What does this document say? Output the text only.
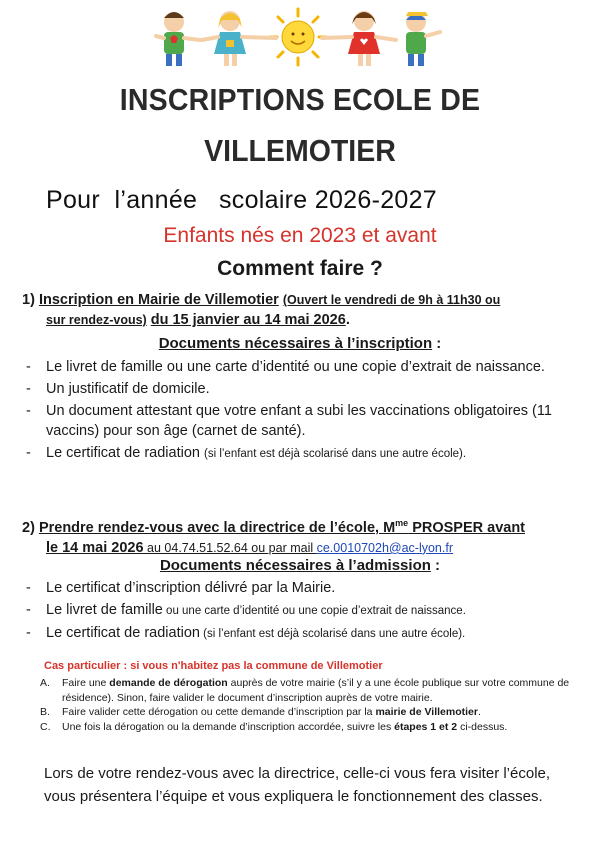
INSCRIPTIONS ECOLE DE
VILLEMOTIER
Pour  l’année   scolaire 2026-2027
Enfants nés en 2023 et avant
Comment faire ?
1) Inscription en Mairie de Villemotier (Ouvert le vendredi de 9h à 11h30 ou
sur rendez-vous) du 15 janvier au 14 mai 2026.
Documents nécessaires à l’inscription :
- Le livret de famille ou une carte d’identité ou une copie d’extrait de naissance.
- Un justificatif de domicile.
- Un document attestant que votre enfant a subi les vaccinations obligatoires (11 vaccins) pour son âge (carnet de santé).
- Le certificat de radiation (si l’enfant est déjà scolarisé dans une autre école).
2) Prendre rendez-vous avec la directrice de l’école, $M^{me}$ PROSPER avant
le 14 mai 2026 au 04.74.51.52.64 ou par mail ce.0010702h@ac-lyon.fr
Documents nécessaires à l’admission :
- Le certificat d’inscription délivré par la Mairie.
- Le livret de famille ou une carte d’identité ou une copie d’extrait de naissance.
- Le certificat de radiation (si l’enfant est déjà scolarisé dans une autre école).
Cas particulier : si vous n'habitez pas la commune de Villemotier
A. Faire une demande de dérogation auprès de votre mairie (s’il y a une école publique sur votre commune de résidence). Sinon, faire valider le document d’inscription auprès de votre mairie.
B. Faire valider cette dérogation ou cette demande d’inscription par la mairie de Villemotier.
C. Une fois la dérogation ou la demande d’inscription accordée, suivre les étapes 1 et 2 ci-dessus.
Lors de votre rendez-vous avec la directrice, celle-ci vous fera visiter l’école, vous présentera l’équipe et vous expliquera le fonctionnement des classes.
